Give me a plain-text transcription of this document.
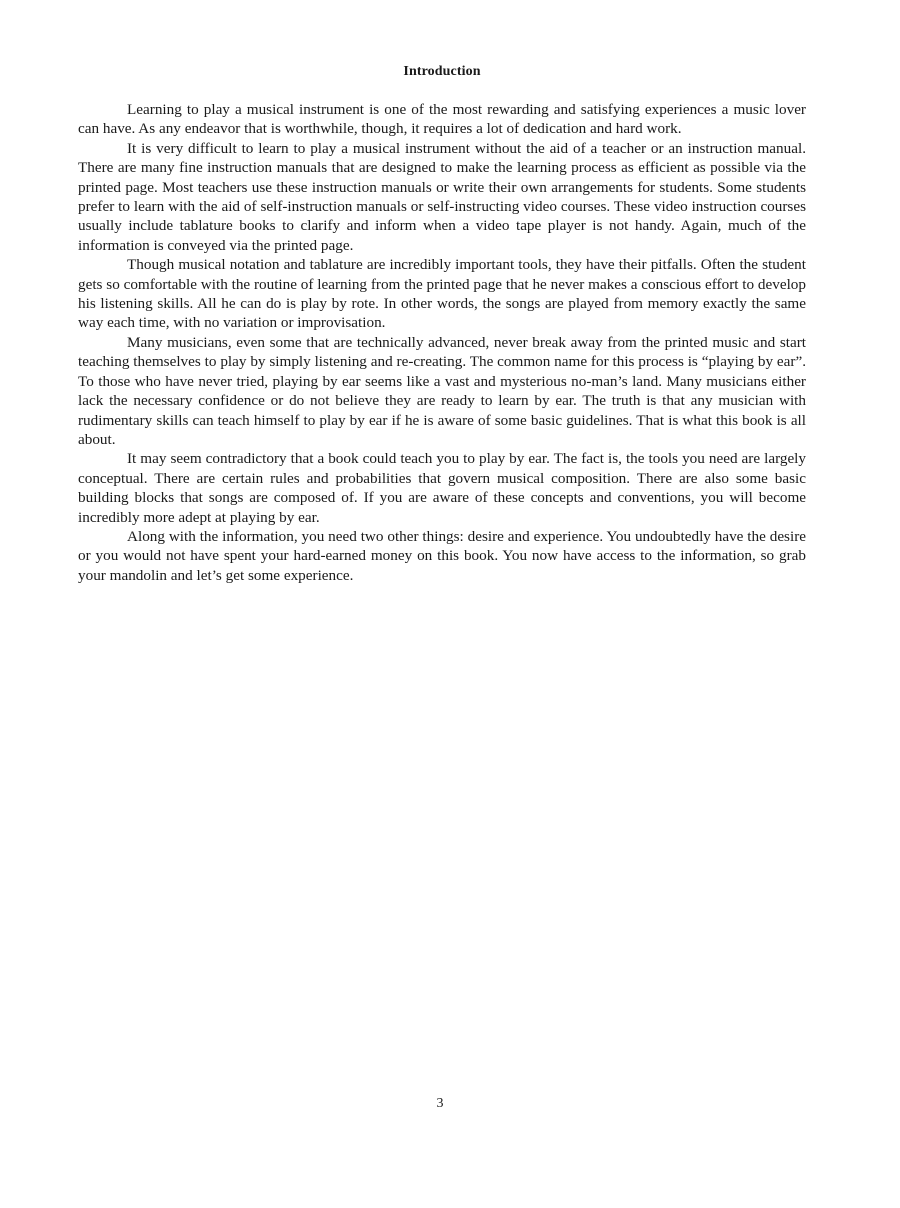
Introduction

Learning to play a musical instrument is one of the most rewarding and satisfying experiences a music lover can have. As any endeavor that is worthwhile, though, it requires a lot of dedication and hard work.

It is very difficult to learn to play a musical instrument without the aid of a teacher or an instruction manual. There are many fine instruction manuals that are designed to make the learning process as efficient as possible via the printed page. Most teachers use these instruction manuals or write their own arrangements for students. Some students prefer to learn with the aid of self-instruction manuals or self-instructing video courses. These video instruction courses usually include tablature books to clarify and inform when a video tape player is not handy. Again, much of the information is conveyed via the printed page.

Though musical notation and tablature are incredibly important tools, they have their pitfalls. Often the student gets so comfortable with the routine of learning from the printed page that he never makes a conscious effort to develop his listening skills. All he can do is play by rote. In other words, the songs are played from memory exactly the same way each time, with no variation or improvisation.

Many musicians, even some that are technically advanced, never break away from the printed music and start teaching themselves to play by simply listening and re-creating. The common name for this process is “playing by ear”. To those who have never tried, playing by ear seems like a vast and mysterious no-man’s land. Many musicians either lack the necessary confidence or do not believe they are ready to learn by ear. The truth is that any musician with rudimentary skills can teach himself to play by ear if he is aware of some basic guidelines. That is what this book is all about.

It may seem contradictory that a book could teach you to play by ear. The fact is, the tools you need are largely conceptual. There are certain rules and probabilities that govern musical composition. There are also some basic building blocks that songs are composed of. If you are aware of these concepts and conventions, you will become incredibly more adept at playing by ear.

Along with the information, you need two other things: desire and experience. You undoubtedly have the desire or you would not have spent your hard-earned money on this book. You now have access to the information, so grab your mandolin and let’s get some experience.

3
